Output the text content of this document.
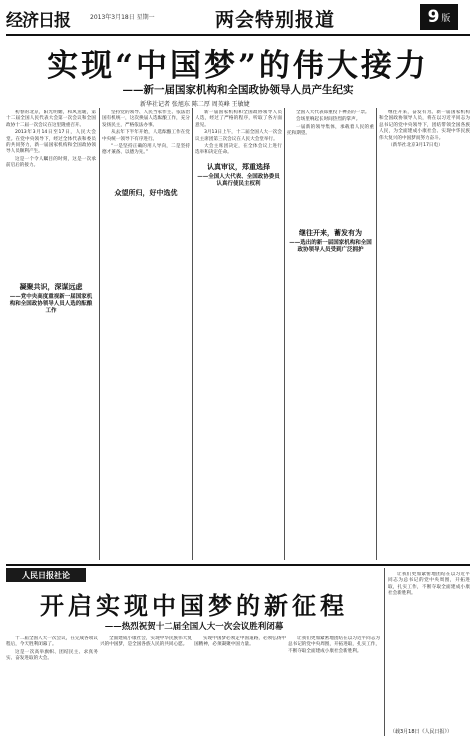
经济日报	2013年3月18日 星期一	两会特别报道	9 版
实现“中国梦”的伟大接力
——新一届国家机构和全国政协领导人员产生纪实
新华社记者 张旭东 陈二厚 周英峰 王敏婕

初春的北京，阳光明媚，和风送暖，第十二届全国人民代表大会第一次会议和全国政协十二届一次会议在这里隆重召开。

2013年3月14日至17日，人民大会堂。在党中央领导下，经过全体代表和委员的共同努力，新一届国家机构和全国政协领导人员顺利产生。

这是一个令人瞩目的时刻，这是一次承前启后的接力。

凝聚共识，深谋远虑
——党中央高度重视新一届国家机构和全国政协领导人员人选的酝酿工作

坚持党的领导、人民当家作主、依法治国有机统一，这次换届人选酝酿工作，充分发扬民主，严格依法办事。

从去年下半年开始，人选酝酿工作在党中央统一领导下有序进行。

“一是坚持正确的用人导向，二是坚持德才兼备、以德为先。”

众望所归，好中选优

新一届国家机构和全国政协领导人员人选，经过了严格的程序，听取了各方面意见。

3月13日上午，十二届全国人大一次会议主席团第三次会议在人民大会堂举行。

大会主席团决定，在全体会议上进行选举和决定任命。

认真审议，郑重选择
——全国人大代表、全国政协委员认真行使民主权利

全国人大代表郑重投下神圣的一票。

会场里响起长时间热烈的掌声。

一届新的领导集体，承载着人民的重托和期望。

继往开来，蓄发有为
——选出的新一届国家机构和全国政协领导人员受到广泛拥护

继往开来，奋发有为。新一届国家机构和全国政协领导人员，将在以习近平同志为总书记的党中央领导下，团结带领全国各族人民，为全面建成小康社会、实现中华民族伟大复兴的中国梦而努力奋斗。

（新华社北京3月17日电）

人民日报社论
开启实现中国梦的新征程
——热烈祝贺十二届全国人大一次会议胜利闭幕

十二届全国人大一次会议，在完成各项议程后，今天胜利闭幕了。

这是一次高举旗帜、团结民主、求真务实、奋发进取的大会。

全面建成小康社会，实现中华民族伟大复兴的中国梦，是全国各族人民的共同心愿。

实现中国梦必须走中国道路，必须弘扬中国精神，必须凝聚中国力量。

让我们更加紧密地团结在以习近平同志为总书记的党中央周围，开拓进取，扎实工作，不断夺取全面建成小康社会新胜利。

让我们更加紧密地团结在以习近平同志为总书记的党中央周围，开拓进取，扎实工作，不断夺取全面建成小康社会新胜利。

（载3月18日《人民日报》）
